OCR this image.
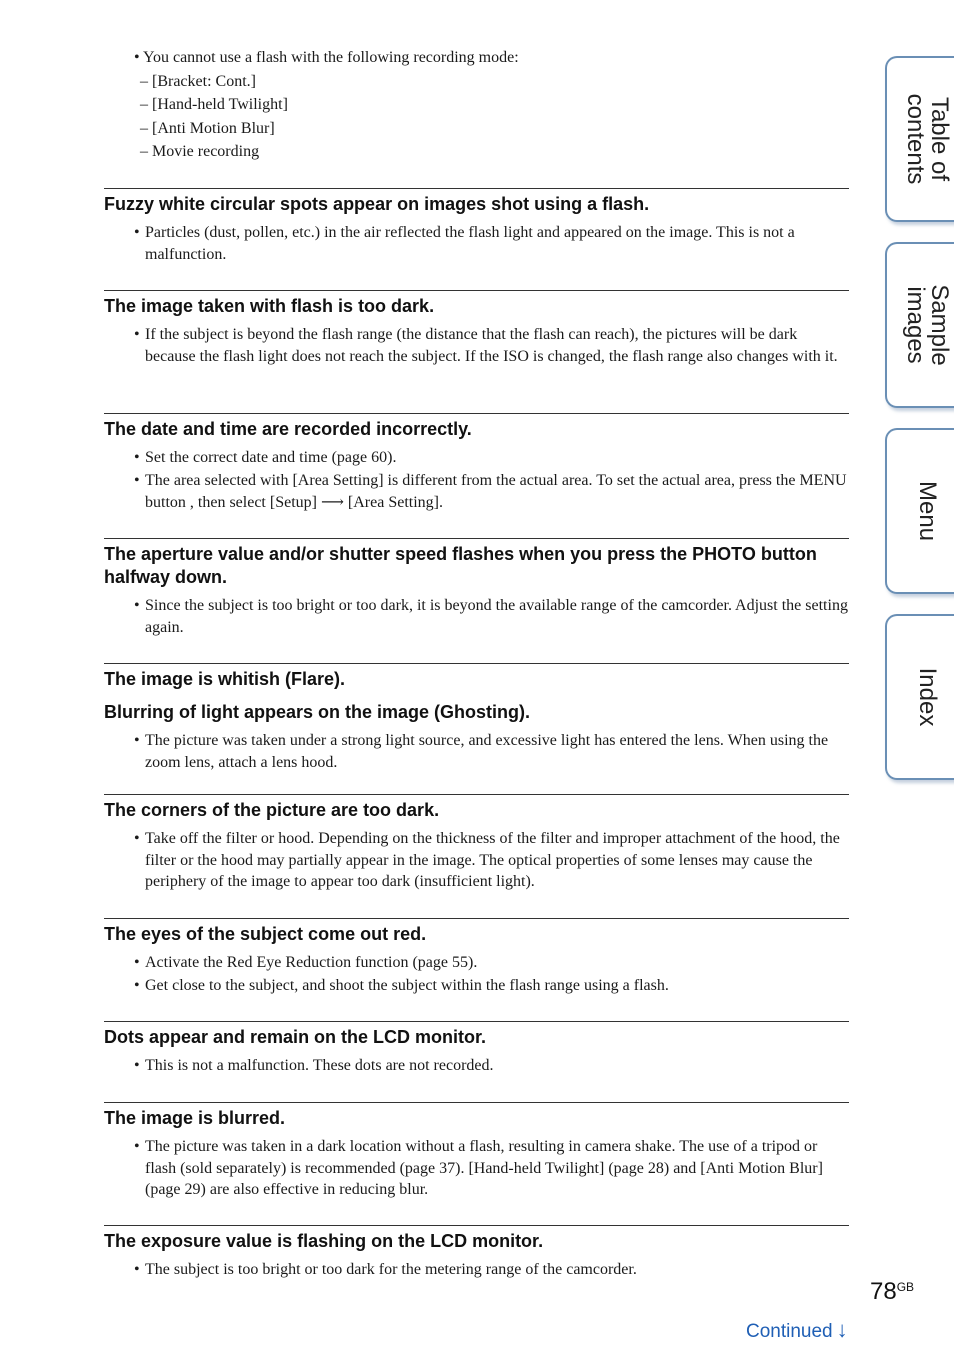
• You cannot use a flash with the following recording mode:
– [Bracket: Cont.]
– [Hand-held Twilight]
– [Anti Motion Blur]
– Movie recording
Fuzzy white circular spots appear on images shot using a flash.
• Particles (dust, pollen, etc.) in the air reflected the flash light and appeared on the image. This is not a malfunction.
The image taken with flash is too dark.
• If the subject is beyond the flash range (the distance that the flash can reach), the pictures will be dark because the flash light does not reach the subject. If the ISO is changed, the flash range also changes with it.
The date and time are recorded incorrectly.
• Set the correct date and time (page 60).
• The area selected with [Area Setting] is different from the actual area. To set the actual area, press the MENU button , then select [Setup] ⟶ [Area Setting].
The aperture value and/or shutter speed flashes when you press the PHOTO button halfway down.
• Since the subject is too bright or too dark, it is beyond the available range of the camcorder. Adjust the setting again.
The image is whitish (Flare).
Blurring of light appears on the image (Ghosting).
• The picture was taken under a strong light source, and excessive light has entered the lens. When using the zoom lens, attach a lens hood.
The corners of the picture are too dark.
• Take off the filter or hood. Depending on the thickness of the filter and improper attachment of the hood, the filter or the hood may partially appear in the image. The optical properties of some lenses may cause the periphery of the image to appear too dark (insufficient light).
The eyes of the subject come out red.
• Activate the Red Eye Reduction function (page 55).
• Get close to the subject, and shoot the subject within the flash range using a flash.
Dots appear and remain on the LCD monitor.
• This is not a malfunction. These dots are not recorded.
The image is blurred.
• The picture was taken in a dark location without a flash, resulting in camera shake. The use of a tripod or flash (sold separately) is recommended (page 37). [Hand-held Twilight] (page 28) and [Anti Motion Blur] (page 29) are also effective in reducing blur.
The exposure value is flashing on the LCD monitor.
• The subject is too bright or too dark for the metering range of the camcorder.
Table of
contents
Sample
images
Menu
Index
$78^{GB}$
Continued ↓
